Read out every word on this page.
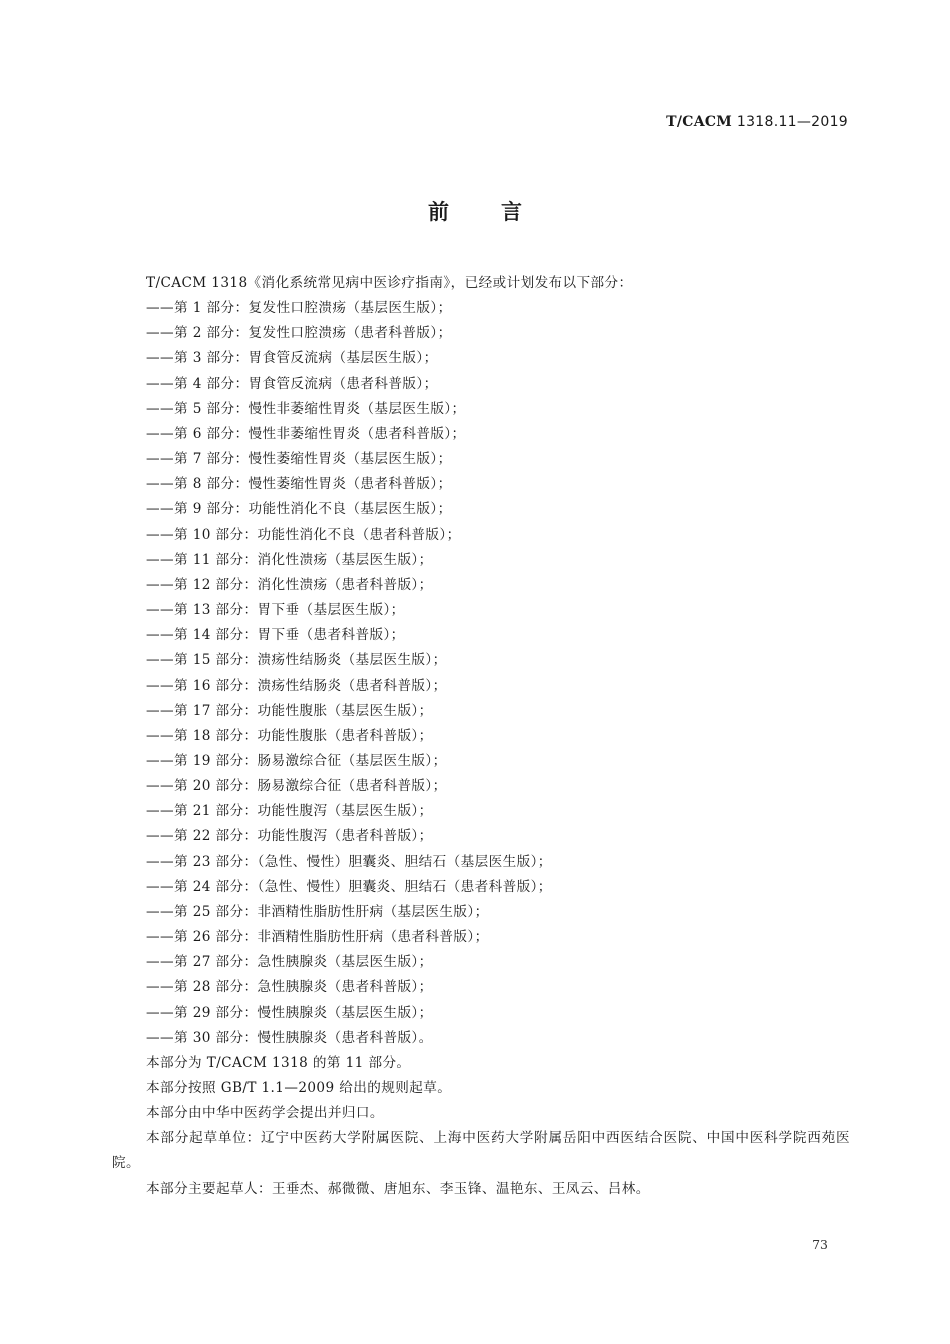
T/CACM 1318.11—2019
前言

T/CACM 1318《消化系统常见病中医诊疗指南》，已经或计划发布以下部分：

——第 1 部分：复发性口腔溃疡（基层医生版）；

——第 2 部分：复发性口腔溃疡（患者科普版）；

——第 3 部分：胃食管反流病（基层医生版）；

——第 4 部分：胃食管反流病（患者科普版）；

——第 5 部分：慢性非萎缩性胃炎（基层医生版）；

——第 6 部分：慢性非萎缩性胃炎（患者科普版）；

——第 7 部分：慢性萎缩性胃炎（基层医生版）；

——第 8 部分：慢性萎缩性胃炎（患者科普版）；

——第 9 部分：功能性消化不良（基层医生版）；

——第 10 部分：功能性消化不良（患者科普版）；

——第 11 部分：消化性溃疡（基层医生版）；

——第 12 部分：消化性溃疡（患者科普版）；

——第 13 部分：胃下垂（基层医生版）；

——第 14 部分：胃下垂（患者科普版）；

——第 15 部分：溃疡性结肠炎（基层医生版）；

——第 16 部分：溃疡性结肠炎（患者科普版）；

——第 17 部分：功能性腹胀（基层医生版）；

——第 18 部分：功能性腹胀（患者科普版）；

——第 19 部分：肠易激综合征（基层医生版）；

——第 20 部分：肠易激综合征（患者科普版）；

——第 21 部分：功能性腹泻（基层医生版）；

——第 22 部分：功能性腹泻（患者科普版）；

——第 23 部分：（急性、慢性）胆囊炎、胆结石（基层医生版）；

——第 24 部分：（急性、慢性）胆囊炎、胆结石（患者科普版）；

——第 25 部分：非酒精性脂肪性肝病（基层医生版）；

——第 26 部分：非酒精性脂肪性肝病（患者科普版）；

——第 27 部分：急性胰腺炎（基层医生版）；

——第 28 部分：急性胰腺炎（患者科普版）；

——第 29 部分：慢性胰腺炎（基层医生版）；

——第 30 部分：慢性胰腺炎（患者科普版）。

本部分为 T/CACM 1318 的第 11 部分。

本部分按照 GB/T 1.1—2009 给出的规则起草。

本部分由中华中医药学会提出并归口。

本部分起草单位：辽宁中医药大学附属医院、上海中医药大学附属岳阳中西医结合医院、中国中医科学院西苑医院。

本部分主要起草人：王垂杰、郝微微、唐旭东、李玉锋、温艳东、王凤云、吕林。

73
